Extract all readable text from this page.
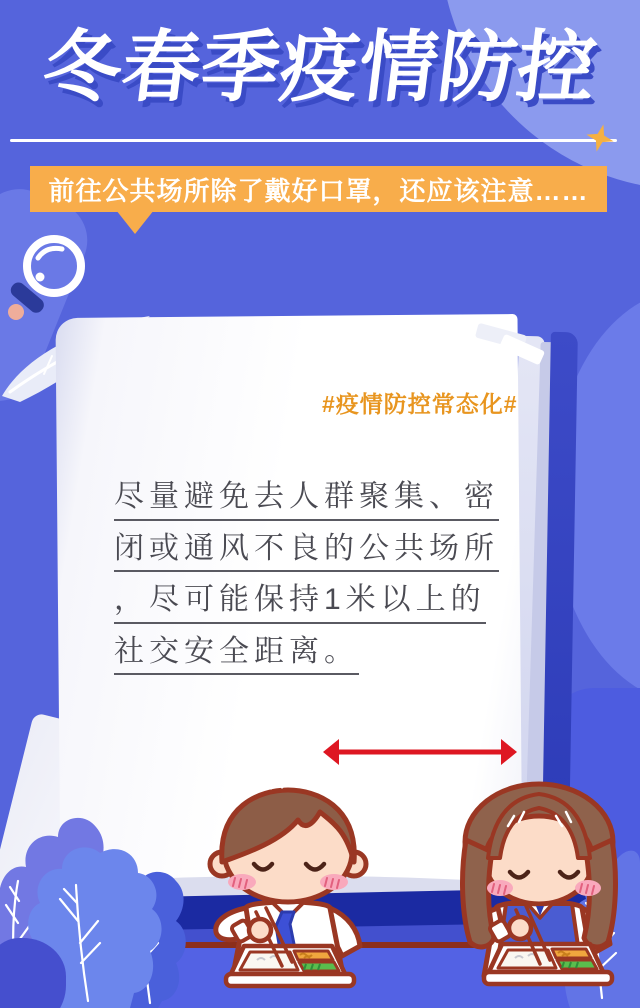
冬春季疫情防控
前往公共场所除了戴好口罩，还应该注意……
#疫情防控常态化#
尽量避免去人群聚集、密
闭或通风不良的公共场所
，尽可能保持1米以上的
社交安全距离。
